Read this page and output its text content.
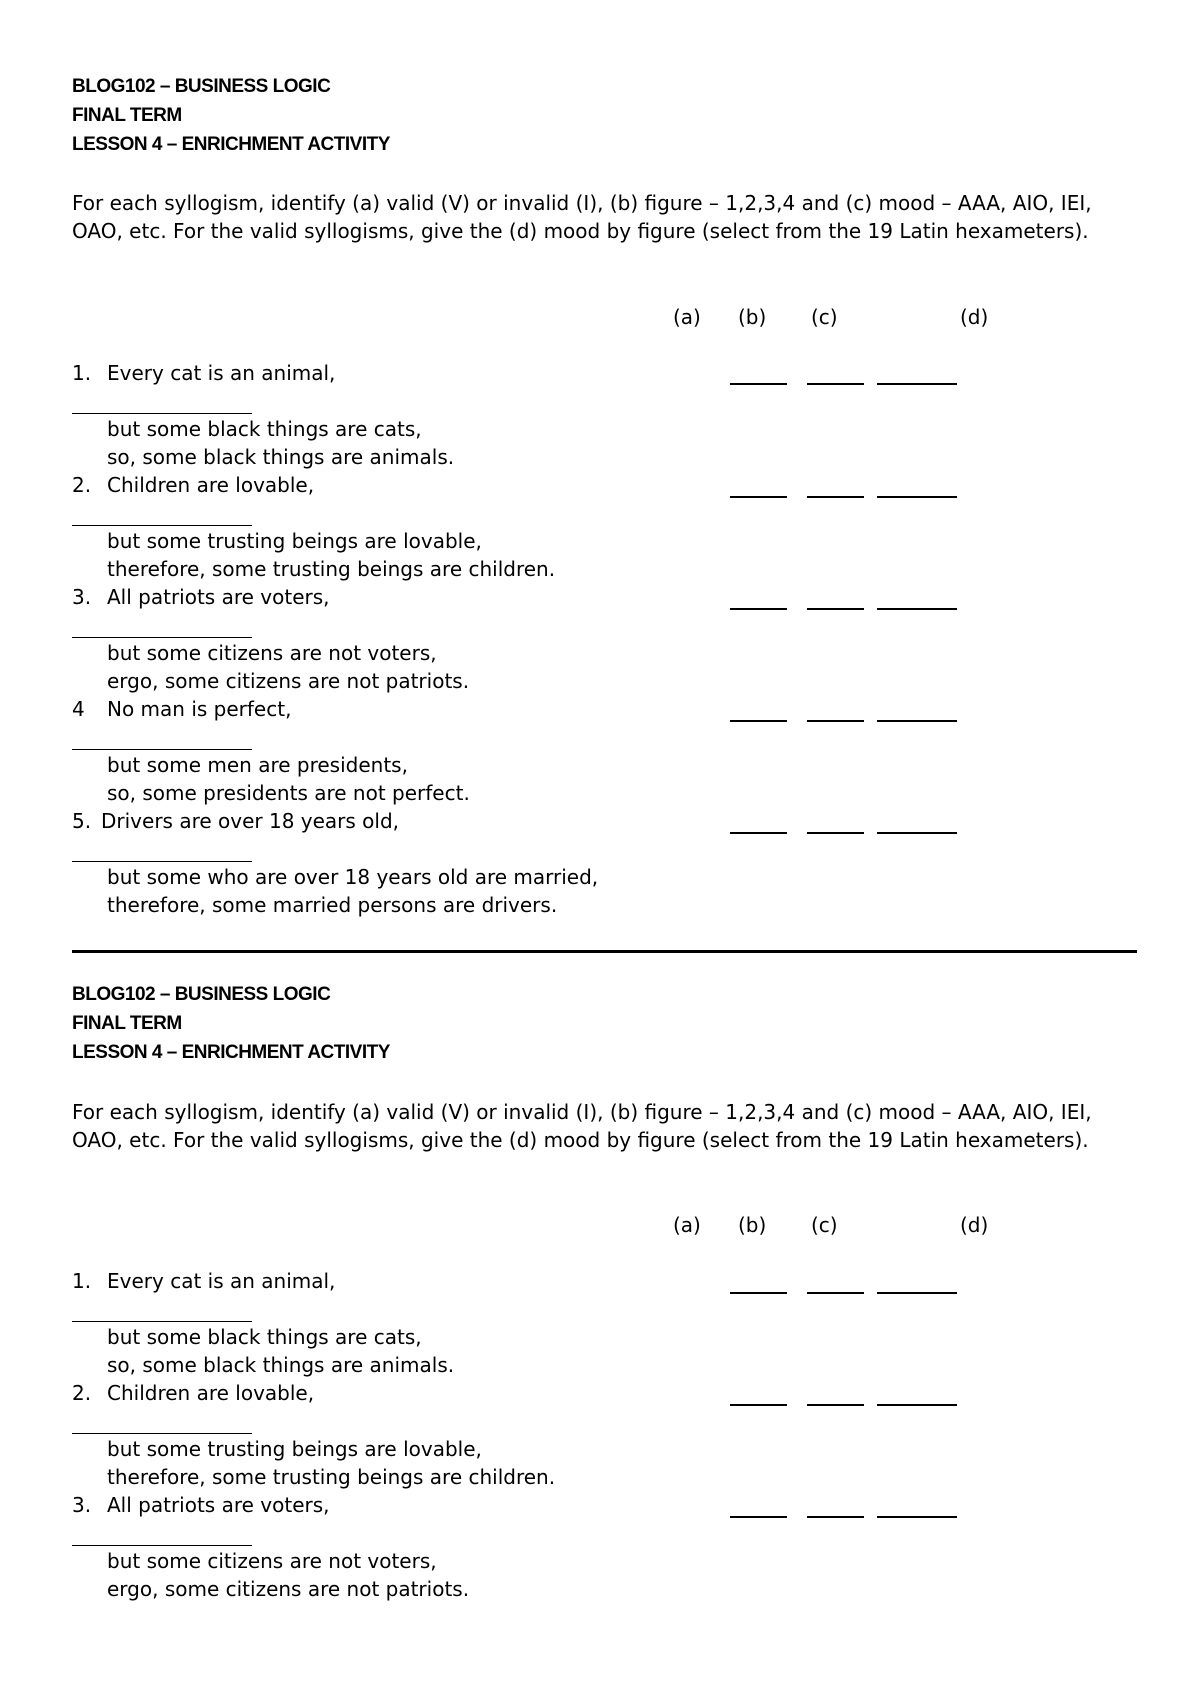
BLOG102 – BUSINESS LOGIC
FINAL TERM
LESSON 4 – ENRICHMENT ACTIVITY
For each syllogism, identify (a) valid (V) or invalid (I), (b) figure – 1,2,3,4 and (c) mood – AAA, AIO, IEI, OAO, etc. For the valid syllogisms, give the (d) mood by figure (select from the 19 Latin hexameters).
(a) (b) (c)	(d)
1. Every cat is an animal,
but some black things are cats,
so, some black things are animals.
2. Children are lovable,
but some trusting beings are lovable,
therefore, some trusting beings are children.
3. All patriots are voters,
but some citizens are not voters,
ergo, some citizens are not patriots.
4 No man is perfect,
but some men are presidents,
so, some presidents are not perfect.
5. Drivers are over 18 years old,
but some who are over 18 years old are married,
therefore, some married persons are drivers.
BLOG102 – BUSINESS LOGIC
FINAL TERM
LESSON 4 – ENRICHMENT ACTIVITY
For each syllogism, identify (a) valid (V) or invalid (I), (b) figure – 1,2,3,4 and (c) mood – AAA, AIO, IEI, OAO, etc. For the valid syllogisms, give the (d) mood by figure (select from the 19 Latin hexameters).
(a) (b) (c)	(d)
1. Every cat is an animal,
but some black things are cats,
so, some black things are animals.
2. Children are lovable,
but some trusting beings are lovable,
therefore, some trusting beings are children.
3. All patriots are voters,
but some citizens are not voters,
ergo, some citizens are not patriots.
